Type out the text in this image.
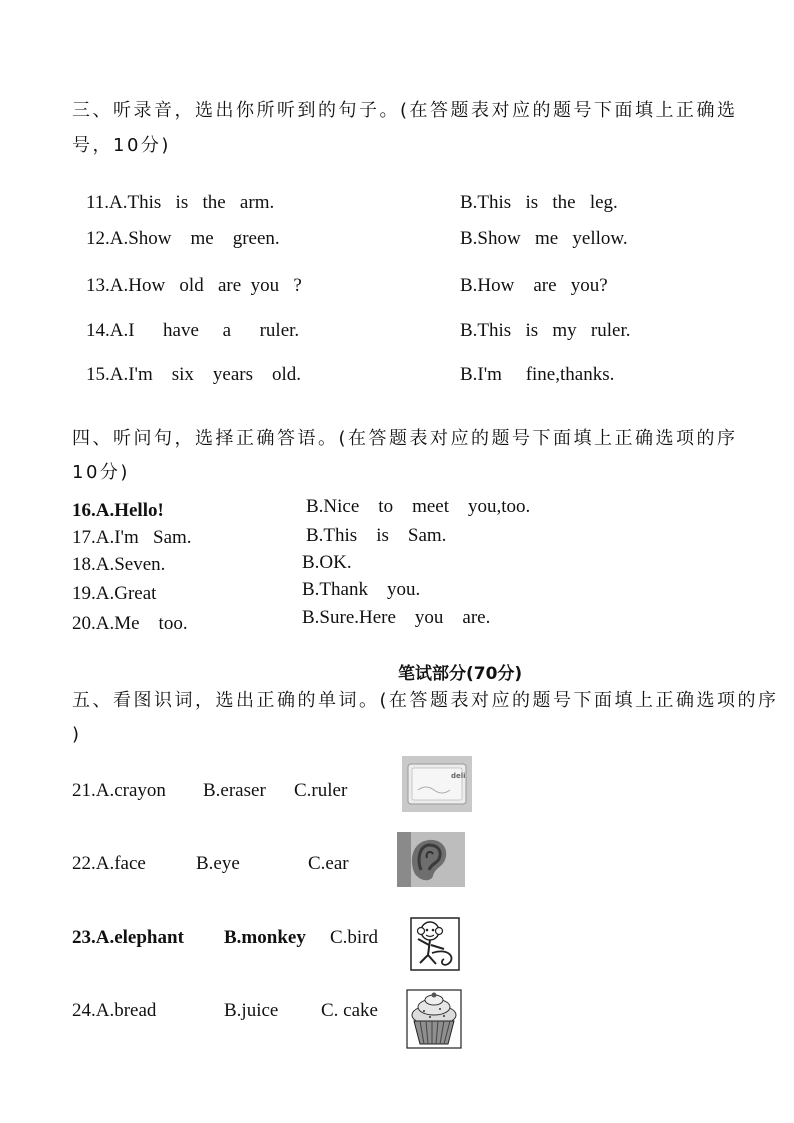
三、听录音，选出你所听到的句子。(在答题表对应的题号下面填上正确选
号，10分)
11.A.This   is   the   arm.	B.This   is   the   leg.
12.A.Show    me    green.	B.Show   me   yellow.
13.A.How   old   are  you   ?	B.How    are   you?
14.A.I      have     a      ruler.	B.This   is   my   ruler.
15.A.I'm    six    years    old.	B.I'm     fine,thanks.
四、听问句，选择正确答语。(在答题表对应的题号下面填上正确选项的序
10分)
16.A.Hello!	B.Nice    to    meet    you,too.
17.A.I'm   Sam.	B.This    is    Sam.
18.A.Seven.	B.OK.
19.A.Great	B.Thank    you.
20.A.Me    too.	B.Sure.Here    you    are.
笔试部分(70分)
五、看图识词，选出正确的单词。(在答题表对应的题号下面填上正确选项的序
)
21.A.crayon B.eraser C.ruler
22.A.face	B.eye	C.ear
23.A.elephant B.monkey C.bird
24.A.bread	B.juice C. cake
deli
